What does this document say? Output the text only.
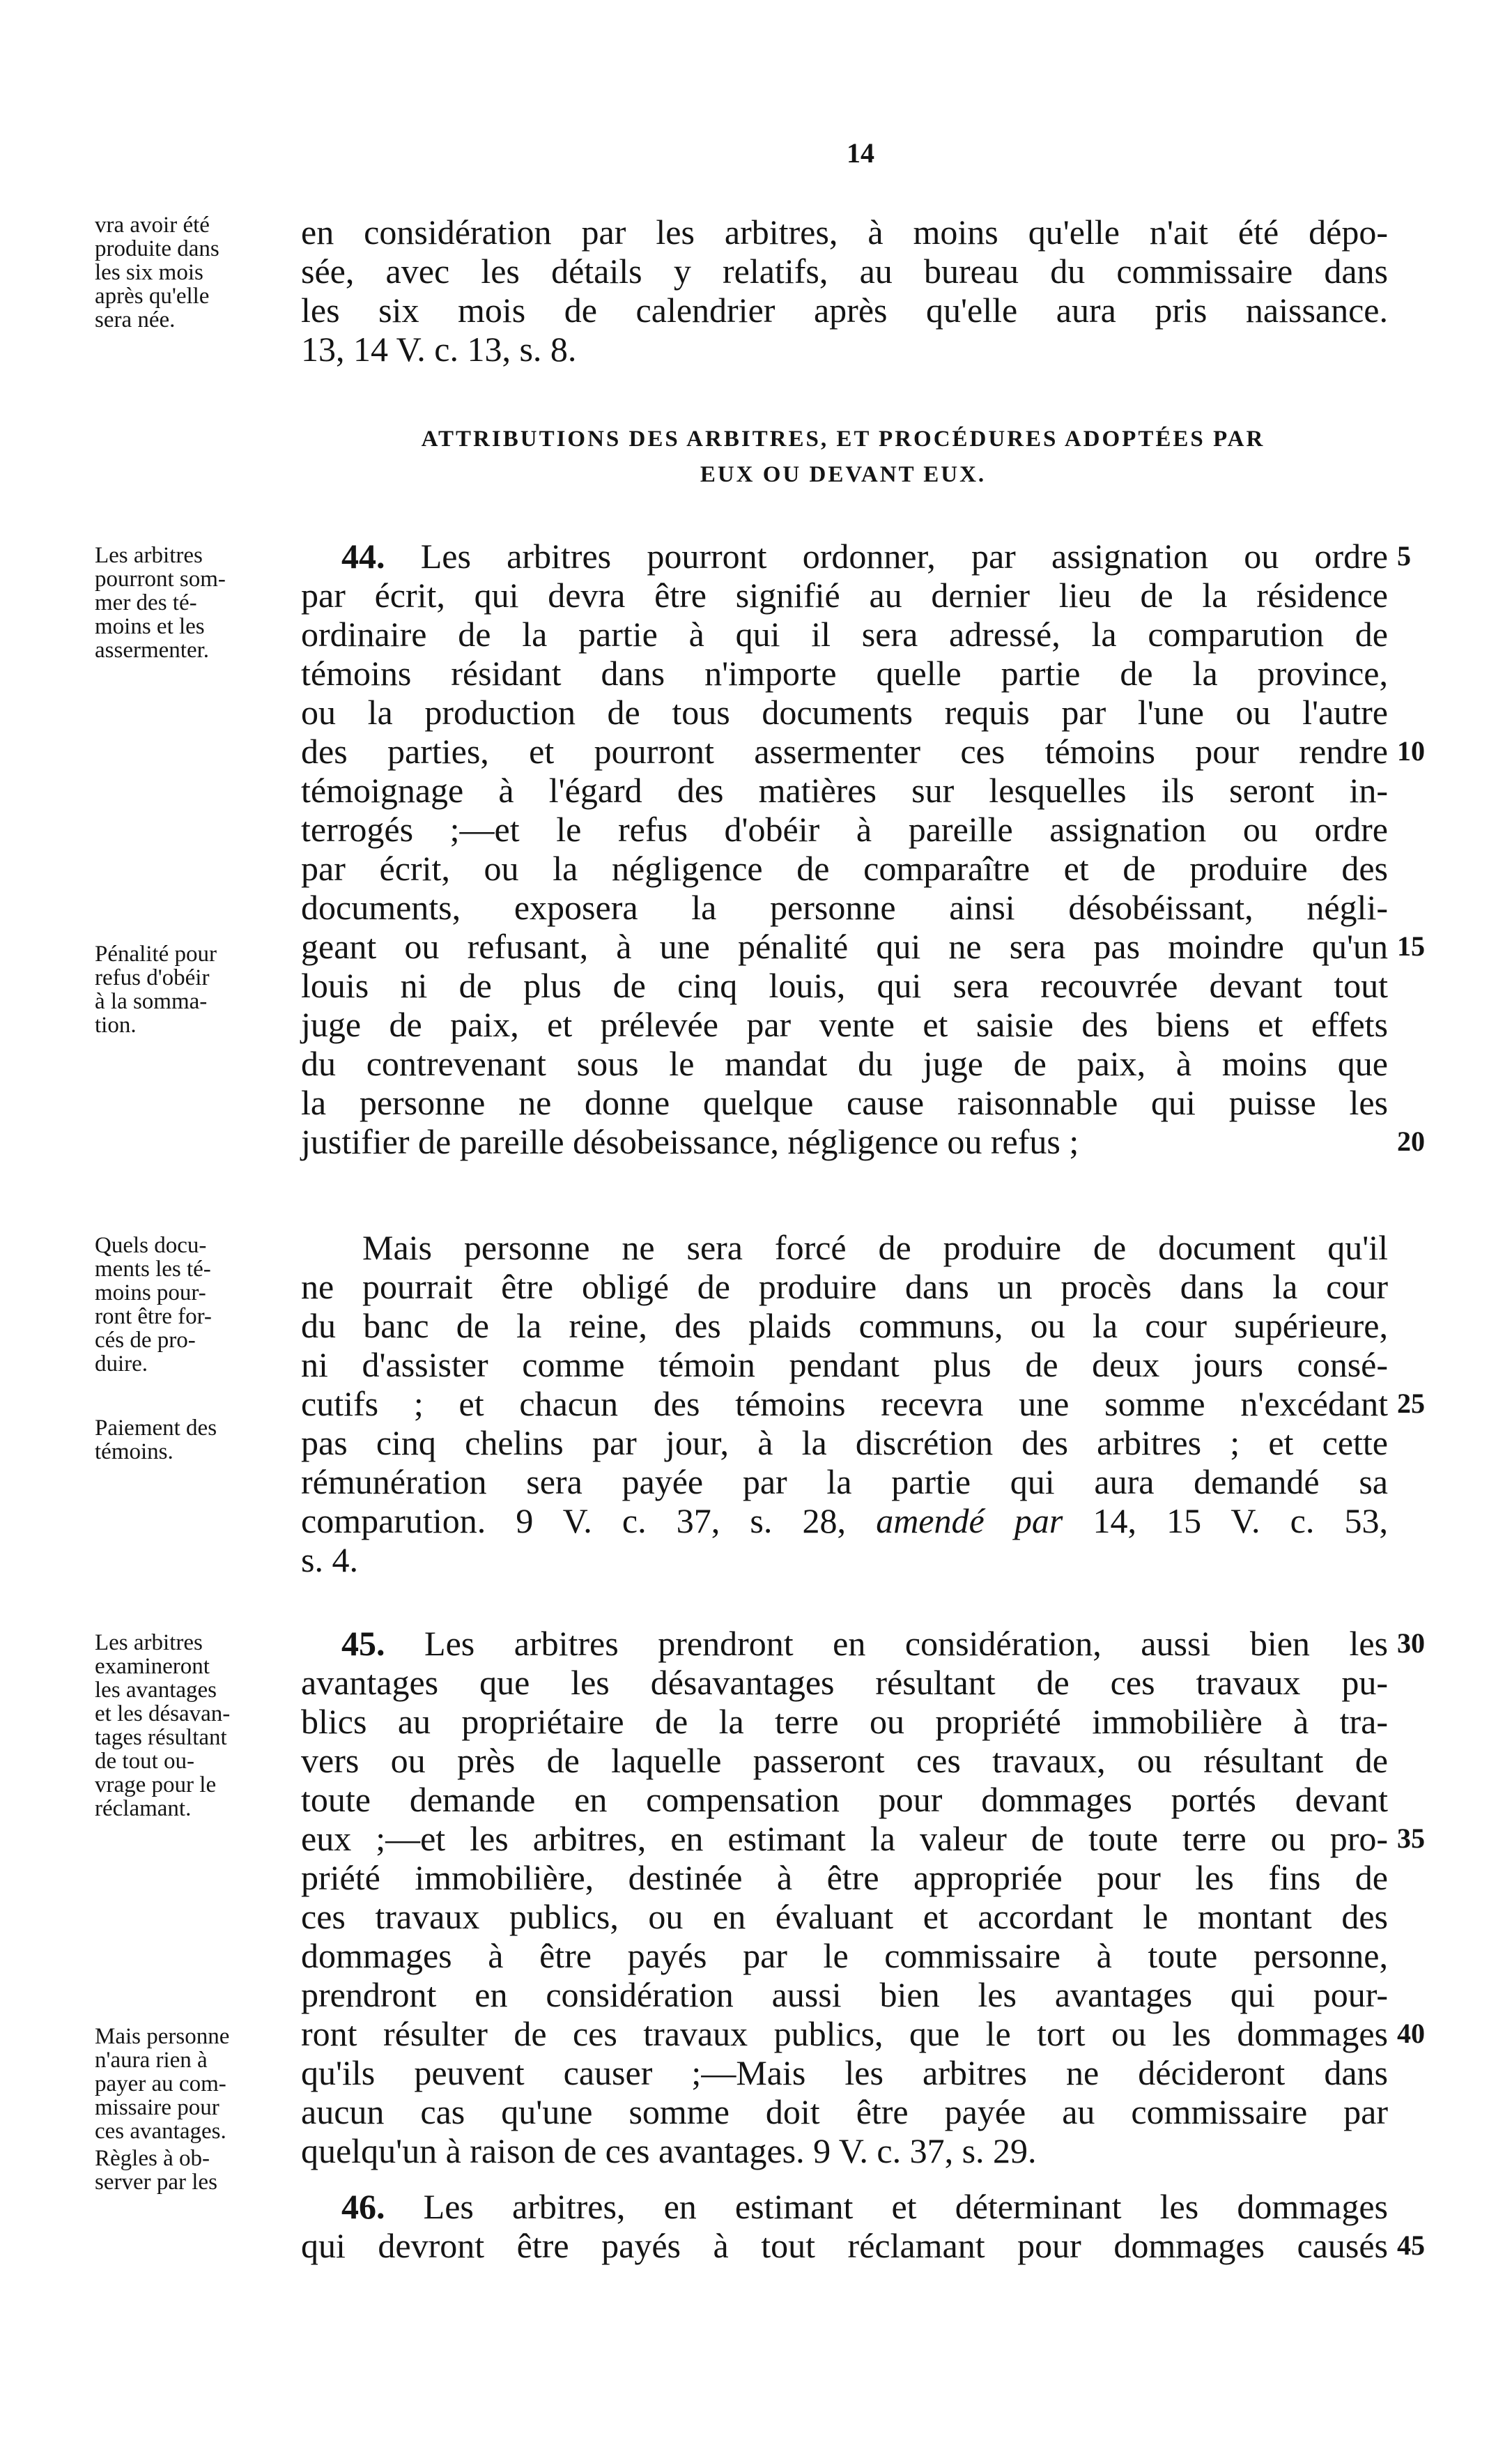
14
vra avoir été
produite dans
les six mois
après qu'elle
sera née.
Les arbitres
pourront som-
mer des té-
moins et les
assermenter.
Pénalité pour
refus d'obéir
à la somma-
tion.
Quels docu-
ments les té-
moins pour-
ront être for-
cés de pro-
duire.
Paiement des
témoins.
Les arbitres
examineront
les avantages
et les désavan-
tages résultant
de tout ou-
vrage pour le
réclamant.
Mais personne
n'aura rien à
payer au com-
missaire pour
ces avantages.
Règles à ob-
server par les
en considération par les arbitres, à moins qu'elle n'ait été dépo-
sée, avec les détails y relatifs, au bureau du commissaire dans
les six mois de calendrier après qu'elle aura pris naissance.
13, 14 V. c. 13, s. 8.
ATTRIBUTIONS DES ARBITRES, ET PROCÉDURES ADOPTÉES PAR
EUX OU DEVANT EUX.
44. Les arbitres pourront ordonner, par assignation ou ordre
par écrit, qui devra être signifié au dernier lieu de la résidence
ordinaire de la partie à qui il sera adressé, la comparution de
témoins résidant dans n'importe quelle partie de la province,
ou la production de tous documents requis par l'une ou l'autre
des parties, et pourront assermenter ces témoins pour rendre
témoignage à l'égard des matières sur lesquelles ils seront in-
terrogés ;—et le refus d'obéir à pareille assignation ou ordre
par écrit, ou la négligence de comparaître et de produire des
documents, exposera la personne ainsi désobéissant, négli-
geant ou refusant, à une pénalité qui ne sera pas moindre qu'un
louis ni de plus de cinq louis, qui sera recouvrée devant tout
juge de paix, et prélevée par vente et saisie des biens et effets
du contrevenant sous le mandat du juge de paix, à moins que
la personne ne donne quelque cause raisonnable qui puisse les
justifier de pareille désobeissance, négligence ou refus ;
Mais personne ne sera forcé de produire de document qu'il
ne pourrait être obligé de produire dans un procès dans la cour
du banc de la reine, des plaids communs, ou la cour supérieure,
ni d'assister comme témoin pendant plus de deux jours consé-
cutifs ; et chacun des témoins recevra une somme n'excédant
pas cinq chelins par jour, à la discrétion des arbitres ; et cette
rémunération sera payée par la partie qui aura demandé sa
comparution. 9 V. c. 37, s. 28, amendé par 14, 15 V. c. 53,
s. 4.
45. Les arbitres prendront en considération, aussi bien les
avantages que les désavantages résultant de ces travaux pu-
blics au propriétaire de la terre ou propriété immobilière à tra-
vers ou près de laquelle passeront ces travaux, ou résultant de
toute demande en compensation pour dommages portés devant
eux ;—et les arbitres, en estimant la valeur de toute terre ou pro-
priété immobilière, destinée à être appropriée pour les fins de
ces travaux publics, ou en évaluant et accordant le montant des
dommages à être payés par le commissaire à toute personne,
prendront en considération aussi bien les avantages qui pour-
ront résulter de ces travaux publics, que le tort ou les dommages
qu'ils peuvent causer ;—Mais les arbitres ne décideront dans
aucun cas qu'une somme doit être payée au commissaire par
quelqu'un à raison de ces avantages. 9 V. c. 37, s. 29.
46. Les arbitres, en estimant et déterminant les dommages
qui devront être payés à tout réclamant pour dommages causés
5
10
15
20
25
30
35
40
45
